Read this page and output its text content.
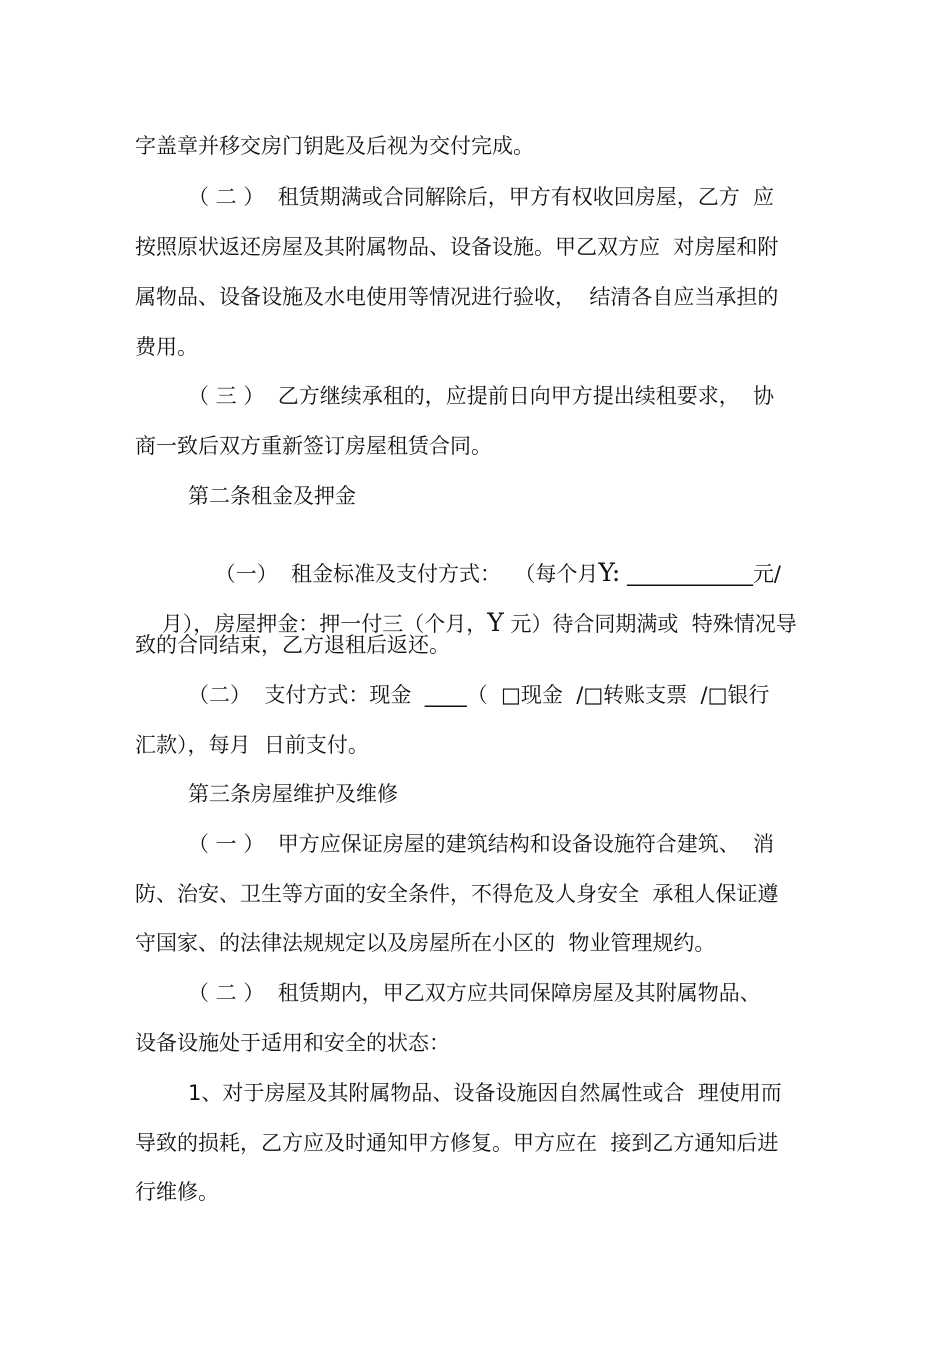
字盖章并移交房门钥匙及后视为交付完成。
（ 二 ）  租赁期满或合同解除后，甲方有权收回房屋，乙方  应
按照原状返还房屋及其附属物品、设备设施。甲乙双方应  对房屋和附
属物品、设备设施及水电使用等情况进行验收，  结清各自应当承担的
费用。
（ 三 ）  乙方继续承租的，应提前日向甲方提出续租要求，  协
商一致后双方重新签订房屋租赁合同。
第二条租金及押金

（一）  租金标准及支付方式：  （每个月Y: ____________元/

月），房屋押金：押一付三（个月，Y 元）待合同期满或  特殊情况导

致的合同结束，乙方退租后返还。
（二）  支付方式：现金  ____（  □现金  /□转账支票  /□银行
汇款），每月  日前支付。
第三条房屋维护及维修
（ 一 ）  甲方应保证房屋的建筑结构和设备设施符合建筑、  消
防、治安、卫生等方面的安全条件，不得危及人身安全  承租人保证遵
守国家、的法律法规规定以及房屋所在小区的  物业管理规约。
（ 二 ）  租赁期内，甲乙双方应共同保障房屋及其附属物品、
设备设施处于适用和安全的状态：
1、对于房屋及其附属物品、设备设施因自然属性或合  理使用而
导致的损耗，乙方应及时通知甲方修复。甲方应在  接到乙方通知后进
行维修。
